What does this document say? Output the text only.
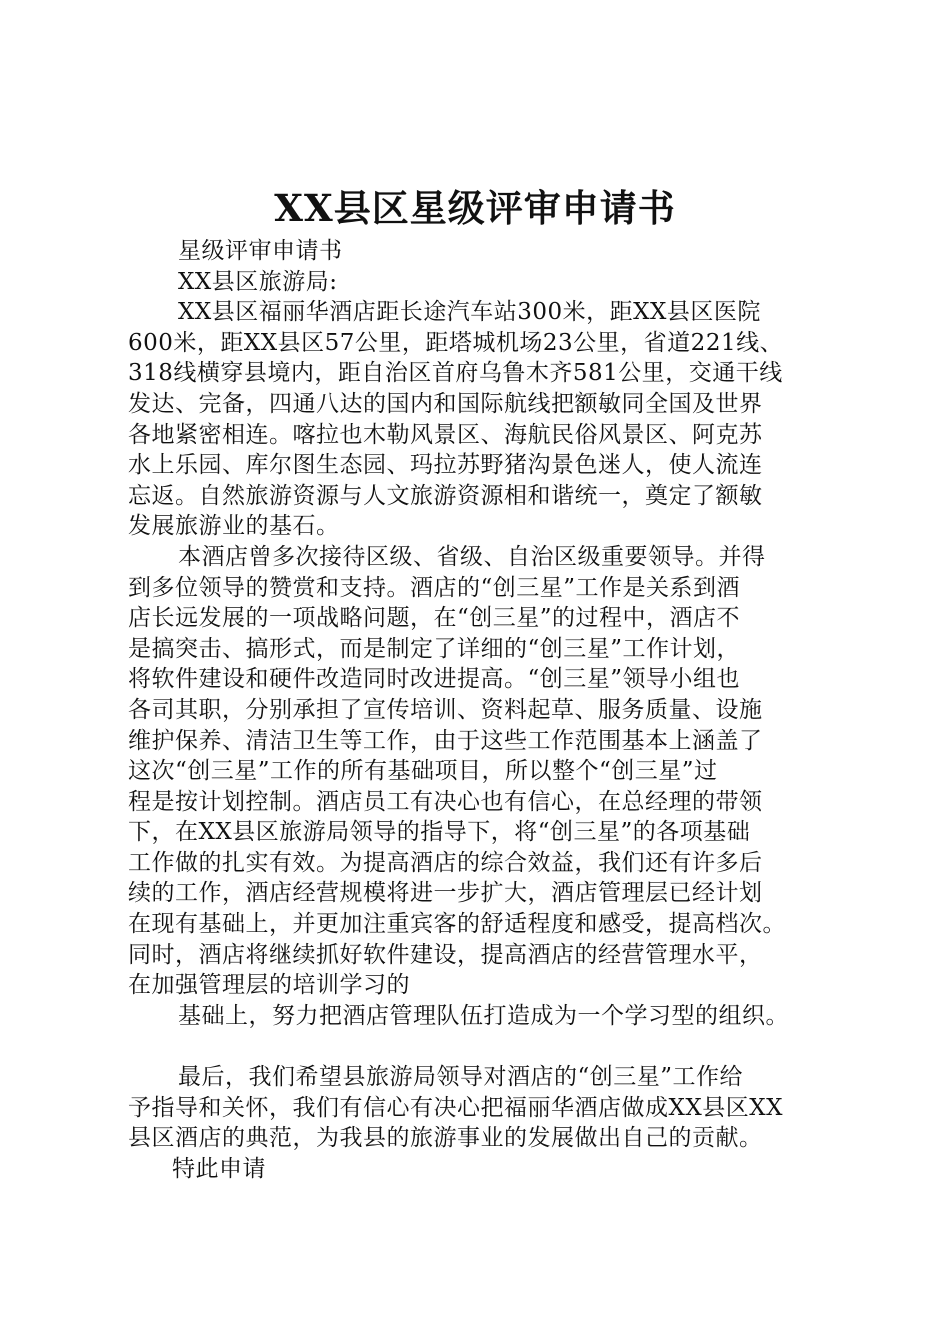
XX县区星级评审申请书
星级评审申请书
XX县区旅游局:
XX县区福丽华酒店距长途汽车站300米，距XX县区医院
600米，距XX县区57公里，距塔城机场23公里，省道221线、
318线横穿县境内，距自治区首府乌鲁木齐581公里，交通干线
发达、完备，四通八达的国内和国际航线把额敏同全国及世界
各地紧密相连。喀拉也木勒风景区、海航民俗风景区、阿克苏
水上乐园、库尔图生态园、玛拉苏野猪沟景色迷人，使人流连
忘返。自然旅游资源与人文旅游资源相和谐统一，奠定了额敏
发展旅游业的基石。
本酒店曾多次接待区级、省级、自治区级重要领导。并得
到多位领导的赞赏和支持。酒店的“创三星”工作是关系到酒
店长远发展的一项战略问题，在“创三星”的过程中，酒店不
是搞突击、搞形式，而是制定了详细的“创三星”工作计划，
将软件建设和硬件改造同时改进提高。“创三星”领导小组也
各司其职，分别承担了宣传培训、资料起草、服务质量、设施
维护保养、清洁卫生等工作，由于这些工作范围基本上涵盖了
这次“创三星”工作的所有基础项目，所以整个“创三星”过
程是按计划控制。酒店员工有决心也有信心，在总经理的带领
下，在XX县区旅游局领导的指导下，将“创三星”的各项基础
工作做的扎实有效。为提高酒店的综合效益，我们还有许多后
续的工作，酒店经营规模将进一步扩大，酒店管理层已经计划
在现有基础上，并更加注重宾客的舒适程度和感受，提高档次。
同时，酒店将继续抓好软件建设，提高酒店的经营管理水平，
在加强管理层的培训学习的
基础上，努力把酒店管理队伍打造成为一个学习型的组织。
最后，我们希望县旅游局领导对酒店的“创三星”工作给
予指导和关怀，我们有信心有决心把福丽华酒店做成XX县区XX
县区酒店的典范，为我县的旅游事业的发展做出自己的贡献。
特此申请
